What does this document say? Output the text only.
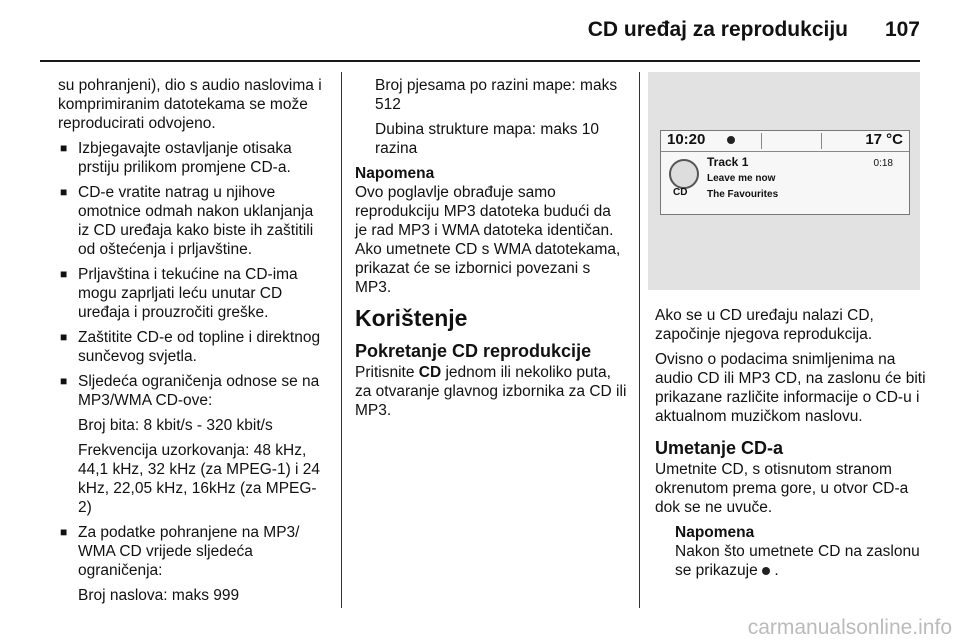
CD uređaj za reprodukciju 107

su pohranjeni), dio s audio naslovima i komprimiranim datotekama se može reproducirati odvojeno.

■ Izbjegavajte ostavljanje otisaka prstiju prilikom promjene CD-a.
■ CD-e vratite natrag u njihove omotnice odmah nakon uklanjanja iz CD uređaja kako biste ih zaštitili od oštećenja i prljavštine.
■ Prljavština i tekućine na CD-ima mogu zaprljati leću unutar CD uređaja i prouzročiti greške.
■ Zaštitite CD-e od topline i direktnog sunčevog svjetla.
■ Sljedeća ograničenja odnose se na MP3/WMA CD-ove:

Broj bita: 8 kbit/s - 320 kbit/s

Frekvencija uzorkovanja: 48 kHz, 44,1 kHz, 32 kHz (za MPEG-1) i 24 kHz, 22,05 kHz, 16kHz (za MPEG-2)

■ Za podatke pohranjene na MP3/ WMA CD vrijede sljedeća ograničenja:

Broj naslova: maks 999

Broj pjesama po razini mape: maks 512

Dubina strukture mapa: maks 10 razina

Napomena

Ovo poglavlje obrađuje samo reprodukciju MP3 datoteka budući da je rad MP3 i WMA datoteka identičan. Ako umetnete CD s WMA datotekama, prikazat će se izbornici povezani s MP3.

Korištenje
Pokretanje CD reprodukcije

Pritisnite CD jednom ili nekoliko puta, za otvaranje glavnog izbornika za CD ili MP3.

10:20	17 °C
CD
Track 1
Leave me now
The Favourites
0:18

Ako se u CD uređaju nalazi CD, započinje njegova reprodukcija.

Ovisno o podacima snimljenima na audio CD ili MP3 CD, na zaslonu će biti prikazane različite informacije o CD-u i aktualnom muzičkom naslovu.

Umetanje CD-a

Umetnite CD, s otisnutom stranom okrenutom prema gore, u otvor CD-a dok se ne uvuče.

Napomena

Nakon što umetnete CD na zaslonu se prikazuje .

carmanualsonline.info
